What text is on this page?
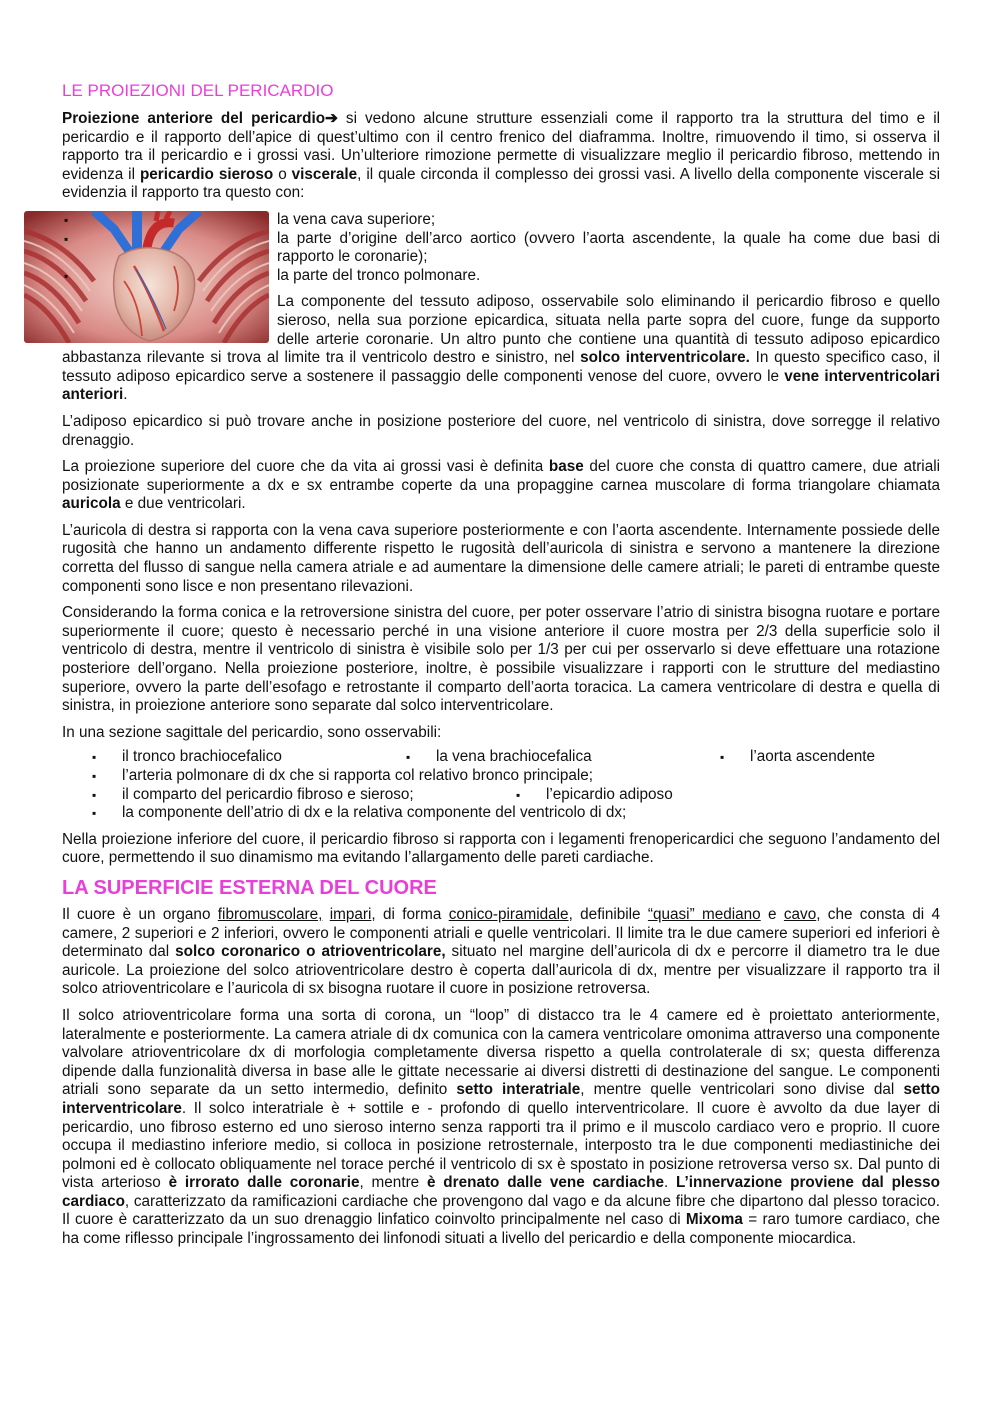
LE PROIEZIONI DEL PERICARDIO

Proiezione anteriore del pericardio➔ si vedono alcune strutture essenziali come il rapporto tra la struttura del timo e il pericardio e il rapporto dell’apice di quest’ultimo con il centro frenico del diaframma. Inoltre, rimuovendo il timo, si osserva il rapporto tra il pericardio e i grossi vasi. Un’ulteriore rimozione permette di visualizzare meglio il pericardio fibroso, mettendo in evidenza il pericardio sieroso o viscerale, il quale circonda il complesso dei grossi vasi. A livello della componente viscerale si evidenzia il rapporto tra questo con:

▪ la vena cava superiore;
▪ la parte d’origine dell’arco aortico (ovvero l’aorta ascendente, la quale ha come due basi di rapporto le coronarie);
▪ la parte del tronco polmonare.

La componente del tessuto adiposo, osservabile solo eliminando il pericardio fibroso e quello sieroso, nella sua porzione epicardica, situata nella parte sopra del cuore, funge da supporto delle arterie coronarie. Un altro punto che contiene una quantità di tessuto adiposo epicardico abbastanza rilevante si trova al limite tra il ventricolo destro e sinistro, nel solco interventricolare. In questo specifico caso, il tessuto adiposo epicardico serve a sostenere il passaggio delle componenti venose del cuore, ovvero le vene interventricolari anteriori.

L’adiposo epicardico si può trovare anche in posizione posteriore del cuore, nel ventricolo di sinistra, dove sorregge il relativo drenaggio.

La proiezione superiore del cuore che da vita ai grossi vasi è definita base del cuore che consta di quattro camere, due atriali posizionate superiormente a dx e sx entrambe coperte da una propaggine carnea muscolare di forma triangolare chiamata auricola e due ventricolari.

L’auricola di destra si rapporta con la vena cava superiore posteriormente e con l’aorta ascendente. Internamente possiede delle rugosità che hanno un andamento differente rispetto le rugosità dell’auricola di sinistra e servono a mantenere la direzione corretta del flusso di sangue nella camera atriale e ad aumentare la dimensione delle camere atriali; le pareti di entrambe queste componenti sono lisce e non presentano rilevazioni.

Considerando la forma conica e la retroversione sinistra del cuore, per poter osservare l’atrio di sinistra bisogna ruotare e portare superiormente il cuore; questo è necessario perché in una visione anteriore il cuore mostra per 2/3 della superficie solo il ventricolo di destra, mentre il ventricolo di sinistra è visibile solo per 1/3 per cui per osservarlo si deve effettuare una rotazione posteriore dell’organo. Nella proiezione posteriore, inoltre, è possibile visualizzare i rapporti con le strutture del mediastino superiore, ovvero la parte dell’esofago e retrostante il comparto dell’aorta toracica. La camera ventricolare di destra e quella di sinistra, in proiezione anteriore sono separate dal solco interventricolare.

In una sezione sagittale del pericardio, sono osservabili:

▪ il tronco brachiocefalico	▪ la vena brachiocefalica	▪ l’aorta ascendente
▪ l’arteria polmonare di dx che si rapporta col relativo bronco principale;
▪ il comparto del pericardio fibroso e sieroso;	▪ l’epicardio adiposo
▪ la componente dell’atrio di dx e la relativa componente del ventricolo di dx;

Nella proiezione inferiore del cuore, il pericardio fibroso si rapporta con i legamenti frenopericardici che seguono l’andamento del cuore, permettendo il suo dinamismo ma evitando l’allargamento delle pareti cardiache.

LA SUPERFICIE ESTERNA DEL CUORE

Il cuore è un organo fibromuscolare, impari, di forma conico-piramidale, definibile “quasi” mediano e cavo, che consta di 4 camere, 2 superiori e 2 inferiori, ovvero le componenti atriali e quelle ventricolari. Il limite tra le due camere superiori ed inferiori è determinato dal solco coronarico o atrioventricolare, situato nel margine dell’auricola di dx e percorre il diametro tra le due auricole. La proiezione del solco atrioventricolare destro è coperta dall’auricola di dx, mentre per visualizzare il rapporto tra il solco atrioventricolare e l’auricola di sx bisogna ruotare il cuore in posizione retroversa.

Il solco atrioventricolare forma una sorta di corona, un “loop” di distacco tra le 4 camere ed è proiettato anteriormente, lateralmente e posteriormente. La camera atriale di dx comunica con la camera ventricolare omonima attraverso una componente valvolare atrioventricolare dx di morfologia completamente diversa rispetto a quella controlaterale di sx; questa differenza dipende dalla funzionalità diversa in base alle le gittate necessarie ai diversi distretti di destinazione del sangue. Le componenti atriali sono separate da un setto intermedio, definito setto interatriale, mentre quelle ventricolari sono divise dal setto interventricolare. Il solco interatriale è + sottile e - profondo di quello interventricolare. Il cuore è avvolto da due layer di pericardio, uno fibroso esterno ed uno sieroso interno senza rapporti tra il primo e il muscolo cardiaco vero e proprio. Il cuore occupa il mediastino inferiore medio, si colloca in posizione retrosternale, interposto tra le due componenti mediastiniche dei polmoni ed è collocato obliquamente nel torace perché il ventricolo di sx è spostato in posizione retroversa verso sx. Dal punto di vista arterioso è irrorato dalle coronarie, mentre è drenato dalle vene cardiache. L’innervazione proviene dal plesso cardiaco, caratterizzato da ramificazioni cardiache che provengono dal vago e da alcune fibre che dipartono dal plesso toracico. Il cuore è caratterizzato da un suo drenaggio linfatico coinvolto principalmente nel caso di Mixoma = raro tumore cardiaco, che ha come riflesso principale l’ingrossamento dei linfonodi situati a livello del pericardio e della componente miocardica.
